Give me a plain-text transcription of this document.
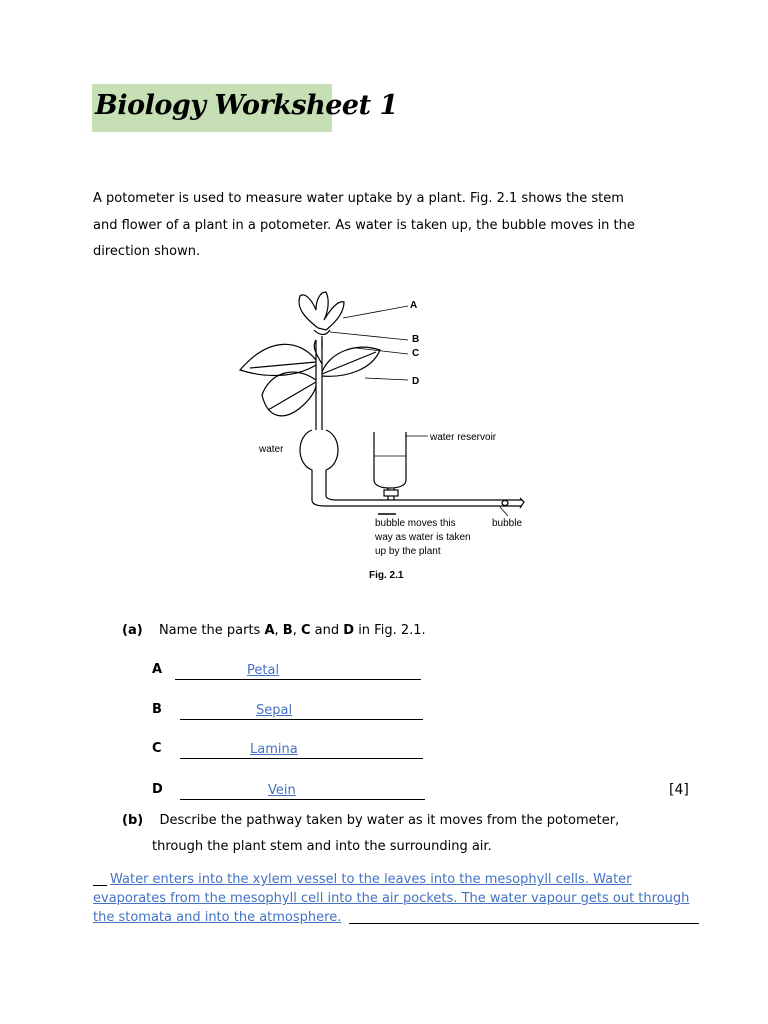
Biology Worksheet 1

A potometer is used to measure water uptake by a plant. Fig. 2.1 shows the stem

and flower of a plant in a potometer. As water is taken up, the bubble moves in the

direction shown.

A
B
C
D
water
water reservoir
bubble
bubble moves this
way as water is taken
up by the plant
Fig. 2.1
(a) Name the parts A, B, C and D in Fig. 2.1.
A	Petal
B	Sepal
C	Lamina
D	Vein	[4]
(b) Describe the pathway taken by water as it moves from the potometer,
through the plant stem and into the surrounding air.
Water enters into the xylem vessel to the leaves into the mesophyll cells. Water
evaporates from the mesophyll cell into the air pockets. The water vapour gets out through
the stomata and into the atmosphere.
